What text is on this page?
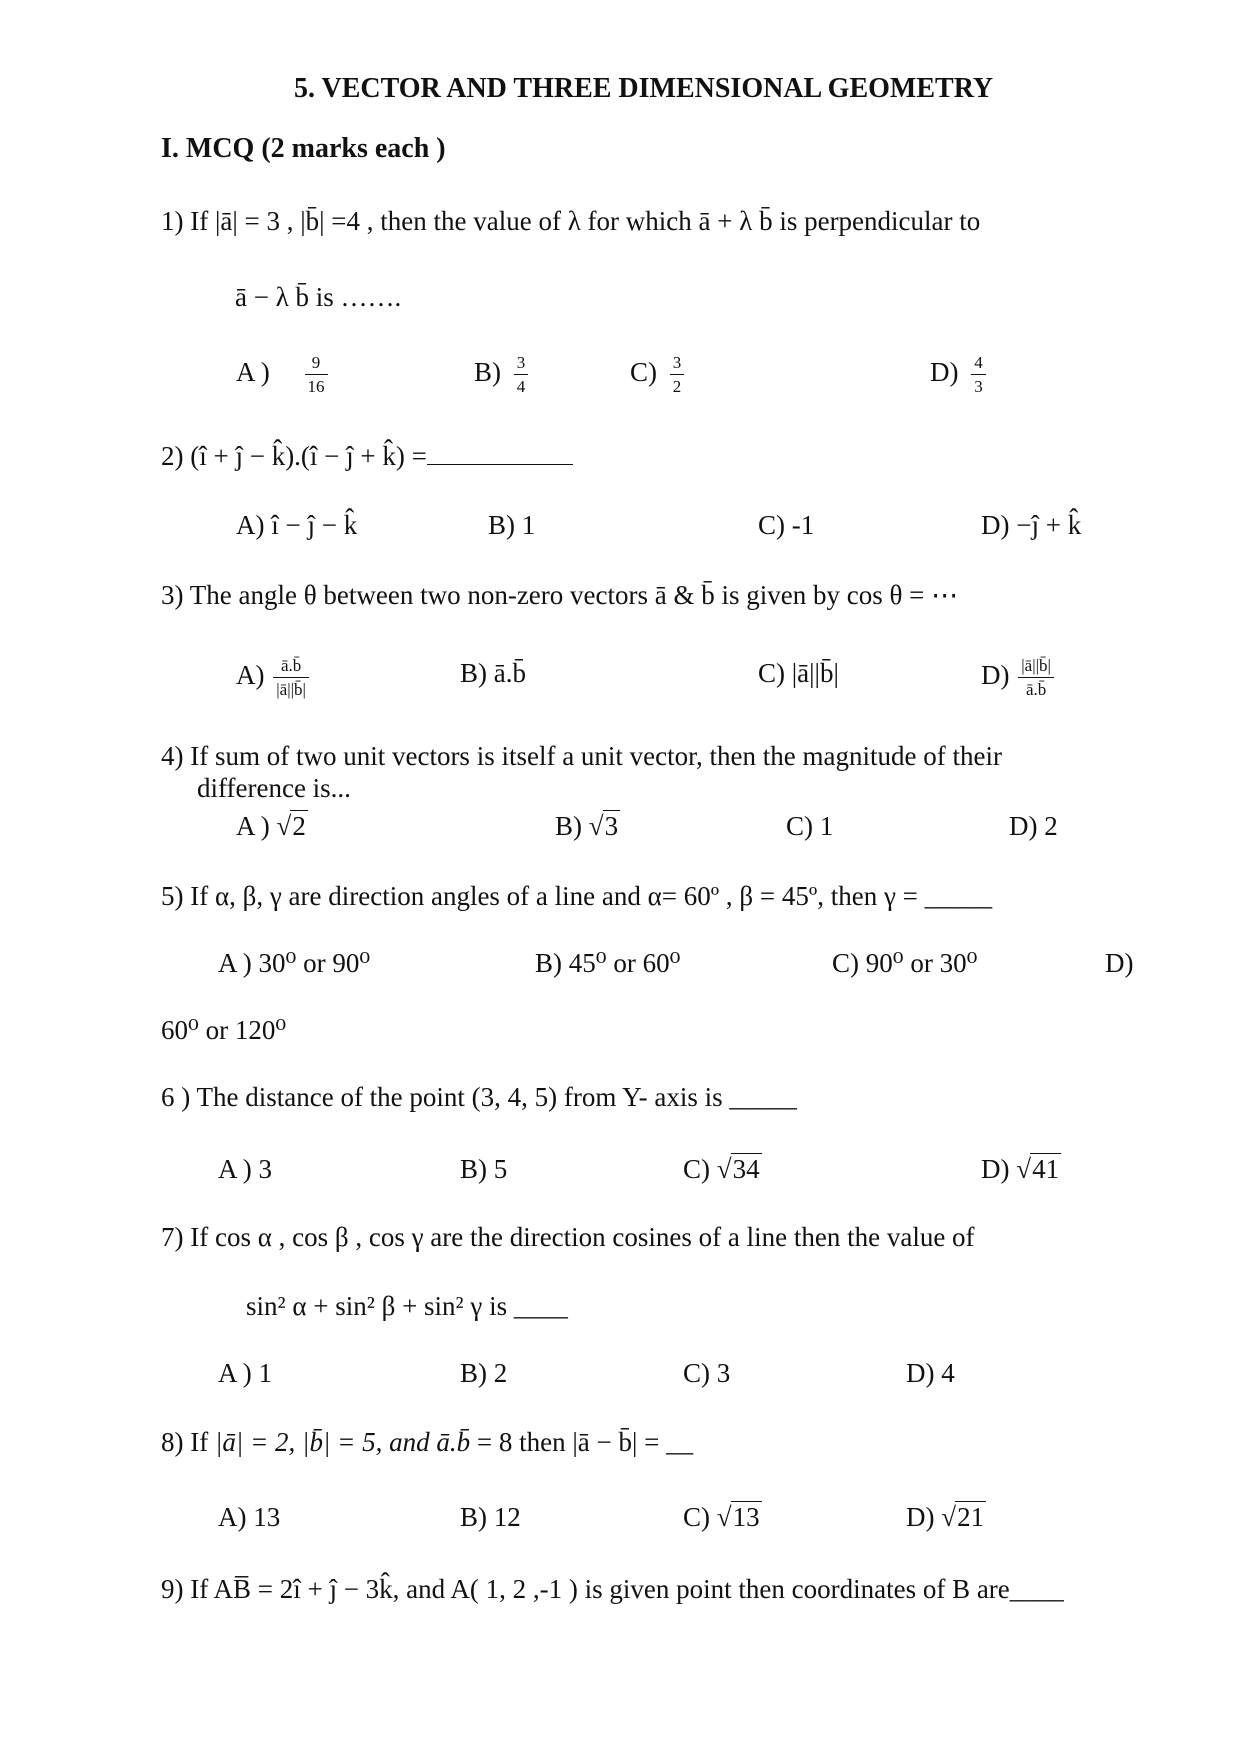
5. VECTOR AND THREE DIMENSIONAL GEOMETRY
I. MCQ (2 marks each )
1) If |ā| = 3 , |b̄| =4 , then the value of λ for which ā + λ b̄ is perpendicular to
ā − λ b̄ is …….
A ) $\frac{9}{16}$	$B) \frac{3}{4}$	$C) \frac{3}{2}$	$D) \frac{4}{3}$
2) (î + ĵ − k̂).(î − ĵ + k̂) =
A) î − ĵ − k̂	B) 1	C) -1	D) −ĵ + k̂
3) The angle θ between two non-zero vectors ā & b̄ is given by cos θ = ⋯
$A) \frac{ā.b̄}{|ā||b̄|}$	B) ā.b̄	C) |ā||b̄|	$D) \frac{|ā||b̄|}{ā.b̄}$
4) If sum of two unit vectors is itself a unit vector, then the magnitude of their
difference is...
A ) √2	B) √3	C) 1	D) 2
5) If α, β, γ are direction angles of a line and α= 60º , β = 45º, then γ = _____
A ) 30⁰ or 90⁰	B) 45⁰ or 60⁰	C) 90⁰ or 30⁰	D)
60⁰ or 120⁰
6 ) The distance of the point (3, 4, 5) from Y- axis is _____
A ) 3	B) 5	C) √34	D) √41
7) If cos α , cos β , cos γ are the direction cosines of a line then the value of
sin² α + sin² β + sin² γ is ____
A ) 1	B) 2	C) 3	D) 4
8) If |ā| = 2, |b̄| = 5, and ā.b̄ = 8 then |ā − b̄| = __
A) 13	B) 12	C) √13	D) √21
9) If AB̅ = 2î + ĵ − 3k̂, and A( 1, 2 ,-1 ) is given point then coordinates of B are____
